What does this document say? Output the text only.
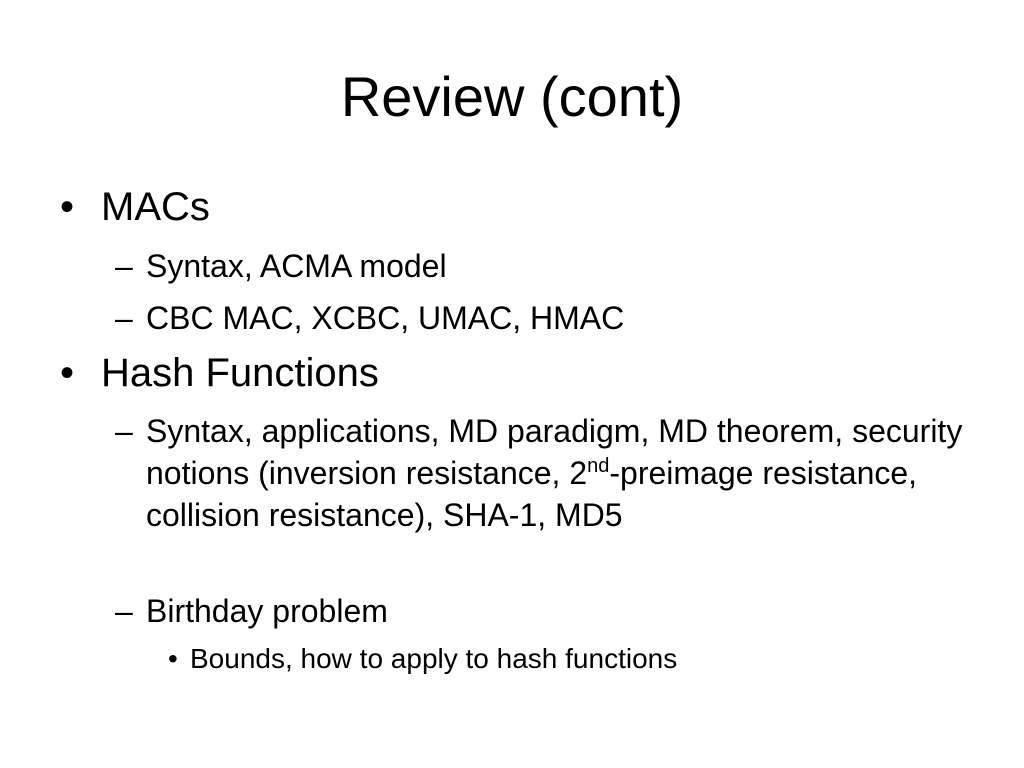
Review (cont)
• MACs
– Syntax, ACMA model
– CBC MAC, XCBC, UMAC, HMAC
• Hash Functions
– Syntax, applications, MD paradigm, MD theorem, security notions (inversion resistance, 2nd-preimage resistance, collision resistance), SHA-1, MD5
– Birthday problem
• Bounds, how to apply to hash functions
